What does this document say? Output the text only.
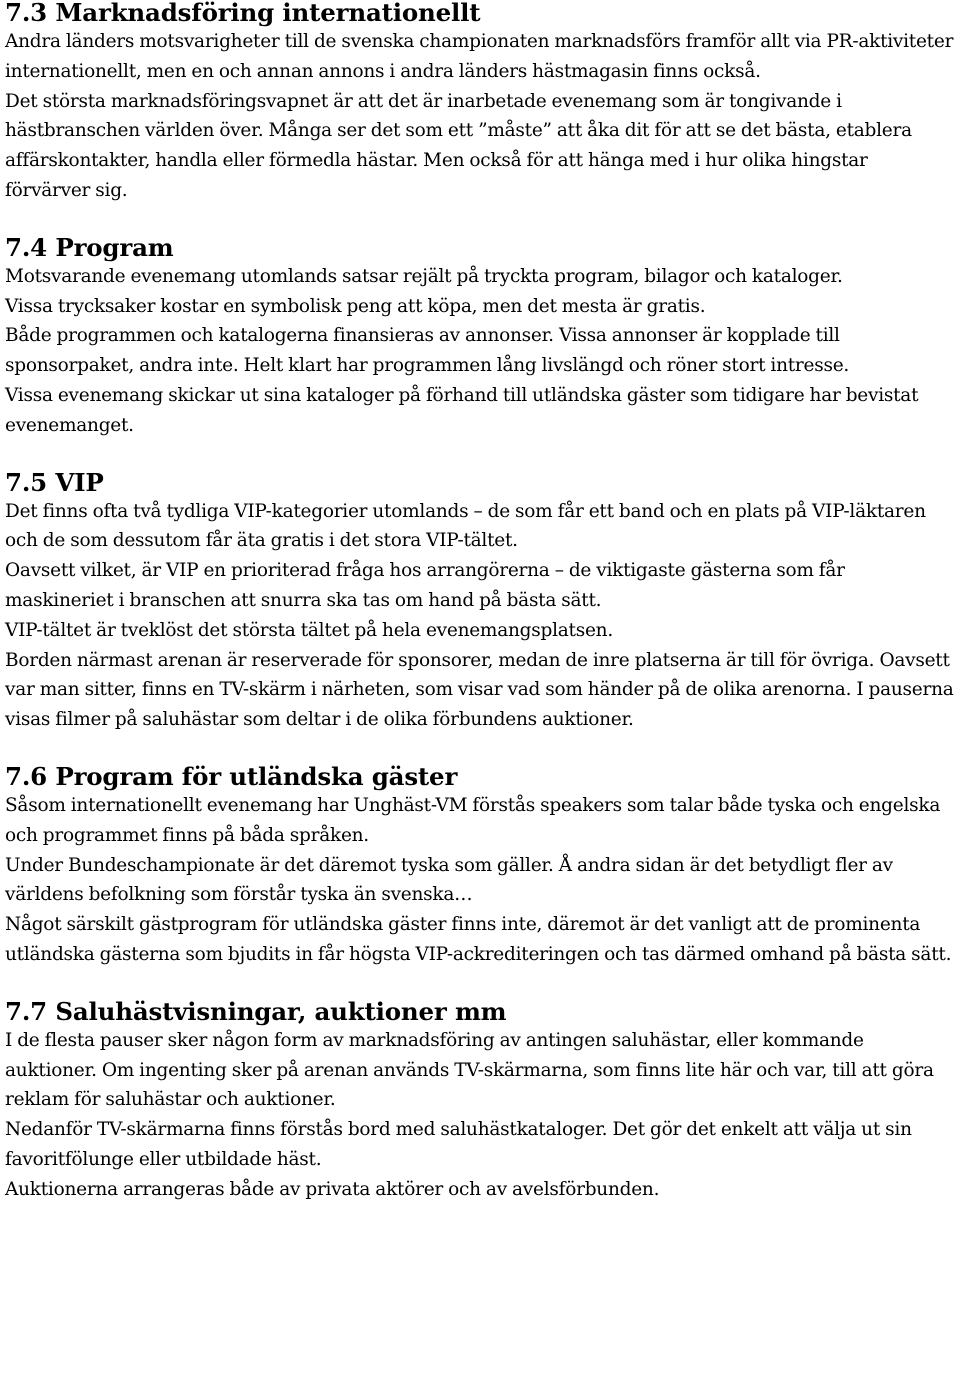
7.3 Marknadsföring internationellt

Andra länders motsvarigheter till de svenska championaten marknadsförs framför allt via PR-aktiviteter internationellt, men en och annan annons i andra länders hästmagasin finns också.

Det största marknadsföringsvapnet är att det är inarbetade evenemang som är tongivande i hästbranschen världen över. Många ser det som ett ”måste” att åka dit för att se det bästa, etablera affärskontakter, handla eller förmedla hästar. Men också för att hänga med i hur olika hingstar förvärver sig.

7.4 Program

Motsvarande evenemang utomlands satsar rejält på tryckta program, bilagor och kataloger.

Vissa trycksaker kostar en symbolisk peng att köpa, men det mesta är gratis.

Både programmen och katalogerna finansieras av annonser. Vissa annonser är kopplade till sponsorpaket, andra inte. Helt klart har programmen lång livslängd och röner stort intresse.

Vissa evenemang skickar ut sina kataloger på förhand till utländska gäster som tidigare har bevistat evenemanget.

7.5 VIP

Det finns ofta två tydliga VIP-kategorier utomlands – de som får ett band och en plats på VIP-läktaren och de som dessutom får äta gratis i det stora VIP-tältet.

Oavsett vilket, är VIP en prioriterad fråga hos arrangörerna – de viktigaste gästerna som får maskineriet i branschen att snurra ska tas om hand på bästa sätt.

VIP-tältet är tveklöst det största tältet på hela evenemangsplatsen.

Borden närmast arenan är reserverade för sponsorer, medan de inre platserna är till för övriga. Oavsett var man sitter, finns en TV-skärm i närheten, som visar vad som händer på de olika arenorna. I pauserna visas filmer på saluhästar som deltar i de olika förbundens auktioner.

7.6 Program för utländska gäster

Såsom internationellt evenemang har Unghäst-VM förstås speakers som talar både tyska och engelska och programmet finns på båda språken.

Under Bundeschampionate är det däremot tyska som gäller. Å andra sidan är det betydligt fler av världens befolkning som förstår tyska än svenska…

Något särskilt gästprogram för utländska gäster finns inte, däremot är det vanligt att de prominenta utländska gästerna som bjudits in får högsta VIP-ackrediteringen och tas därmed omhand på bästa sätt.

7.7 Saluhästvisningar, auktioner mm

I de flesta pauser sker någon form av marknadsföring av antingen saluhästar, eller kommande auktioner. Om ingenting sker på arenan används TV-skärmarna, som finns lite här och var, till att göra reklam för saluhästar och auktioner.

Nedanför TV-skärmarna finns förstås bord med saluhästkataloger. Det gör det enkelt att välja ut sin favoritfölunge eller utbildade häst.

Auktionerna arrangeras både av privata aktörer och av avelsförbunden.
